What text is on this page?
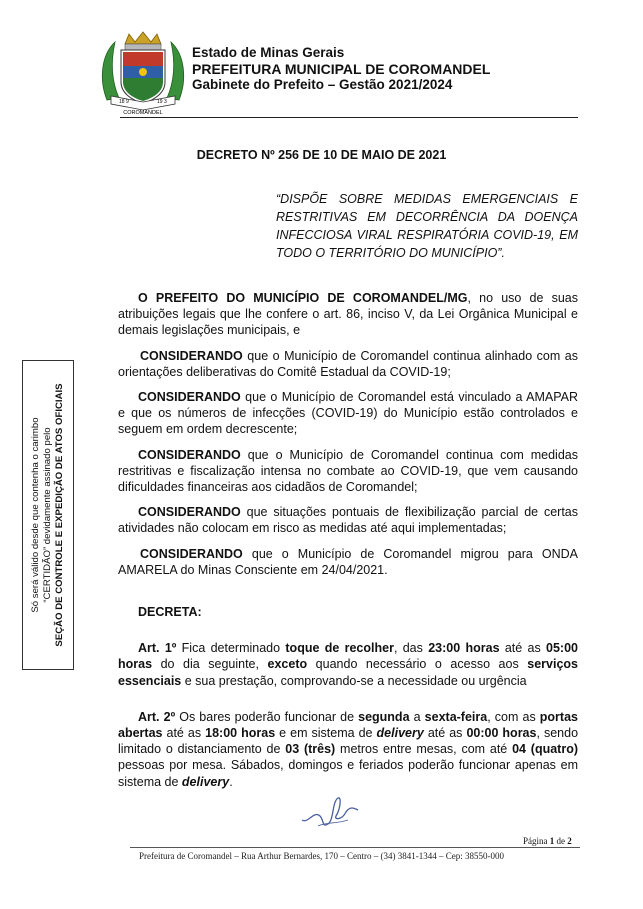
18 9	19 3
COROMANDEL
Estado de Minas Gerais
PREFEITURA MUNICIPAL DE COROMANDEL
Gabinete do Prefeito – Gestão 2021/2024
DECRETO Nº 256 DE 10 DE MAIO DE 2021
“DISPÕE SOBRE MEDIDAS EMERGENCIAIS E RESTRITIVAS EM DECORRÊNCIA DA DOENÇA INFECCIOSA VIRAL RESPIRATÓRIA COVID-19, EM TODO O TERRITÓRIO DO MUNICÍPIO”.

O PREFEITO DO MUNICÍPIO DE COROMANDEL/MG, no uso de suas atribuições legais que lhe confere o art. 86, inciso V, da Lei Orgânica Municipal e demais legislações municipais, e

CONSIDERANDO que o Município de Coromandel continua alinhado com as orientações deliberativas do Comitê Estadual da COVID-19;

CONSIDERANDO que o Município de Coromandel está vinculado a AMAPAR e que os números de infecções (COVID-19) do Município estão controlados e seguem em ordem decrescente;

CONSIDERANDO que o Município de Coromandel continua com medidas restritivas e fiscalização intensa no combate ao COVID-19, que vem causando dificuldades financeiras aos cidadãos de Coromandel;

CONSIDERANDO que situações pontuais de flexibilização parcial de certas atividades não colocam em risco as medidas até aqui implementadas;

CONSIDERANDO que o Município de Coromandel migrou para ONDA AMARELA do Minas Consciente em 24/04/2021.

DECRETA:

Art. 1º Fica determinado toque de recolher, das 23:00 horas até as 05:00 horas do dia seguinte, exceto quando necessário o acesso aos serviços essenciais e sua prestação, comprovando-se a necessidade ou urgência

Art. 2º Os bares poderão funcionar de segunda a sexta-feira, com as portas abertas até as 18:00 horas e em sistema de delivery até as 00:00 horas, sendo limitado o distanciamento de 03 (três) metros entre mesas, com até 04 (quatro) pessoas por mesa. Sábados, domingos e feriados poderão funcionar apenas em sistema de delivery.

Só será válido desde que contenha o carimbo “CERTIDÃO” devidamente assinado pelo SEÇÃO DE CONTROLE E EXPEDIÇÃO DE ATOS OFICIAIS
Página 1 de 2
Prefeitura de Coromandel – Rua Arthur Bernardes, 170 – Centro – (34) 3841-1344 – Cep: 38550-000
